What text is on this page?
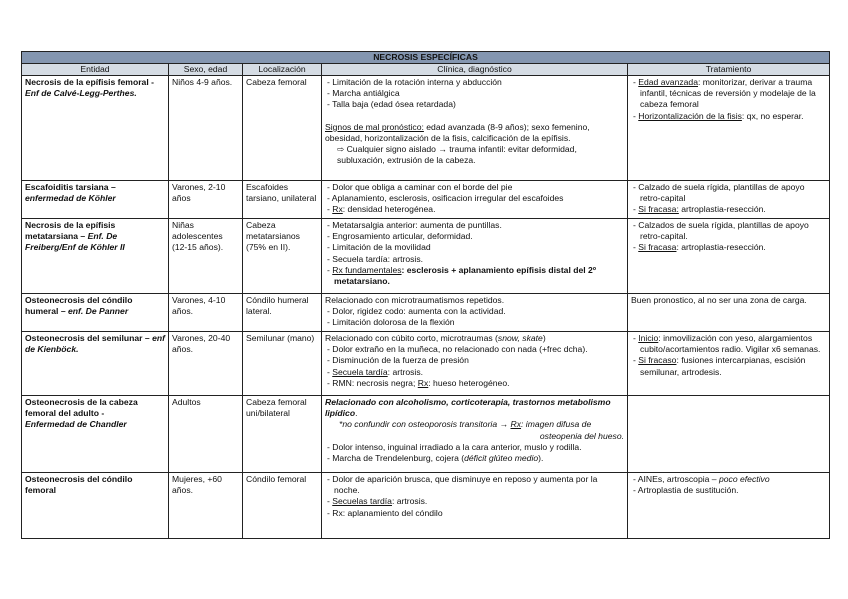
NECROSIS ESPECÍFICAS				
Entidad	Sexo, edad	Localización	Clínica, diagnóstico	Tratamiento
Necrosis de la epífisis femoral -
Enf de Calvé-Legg-Perthes.	Niños 4-9 años.	Cabeza femoral	- Limitación de la rotación interna y abducción
- Marcha antiálgica
- Talla baja (edad ósea retardada)
Signos de mal pronóstico: edad avanzada (8-9 años); sexo femenino, obesidad, horizontalización de la fisis, calcificación de la epífisis.
⇨ Cualquier signo aislado → trauma infantil: evitar deformidad, subluxación, extrusión de la cabeza.	- Edad avanzada: monitorizar, derivar a trauma infantil, técnicas de reversión y modelaje de la cabeza femoral
- Horizontalización de la fisis: qx, no esperar.

Escafoiditis tarsiana –
enfermedad de Köhler	Varones, 2-10 años	Escafoides tarsiano, unilateral	- Dolor que obliga a caminar con el borde del pie
- Aplanamiento, esclerosis, osificacion irregular del escafoides
- Rx: densidad heterogénea.	- Calzado de suela rígida, plantillas de apoyo retro-capital
- Si fracasa: artroplastia-resección.

Necrosis de la epífisis metatarsiana – Enf. De Freiberg/Enf de Köhler II	Niñas adolescentes (12-15 años).	Cabeza metatarsianos (75% en II).	- Metatarsalgia anterior: aumenta de puntillas.
- Engrosamiento articular, deformidad.
- Limitación de la movilidad
- Secuela tardía: artrosis.
- Rx fundamentales: esclerosis + aplanamiento epífisis distal del 2º metatarsiano.	- Calzados de suela rígida, plantillas de apoyo retro-capital.
- Si fracasa: artroplastia-resección.

Osteonecrosis del cóndilo humeral – enf. De Panner	Varones, 4-10 años.	Cóndilo humeral lateral.	Relacionado con microtraumatismos repetidos.
- Dolor, rigidez codo: aumenta con la actividad.
- Limitación dolorosa de la flexión	Buen pronostico, al no ser una zona de carga.
Osteonecrosis del semilunar – enf de Kienböck.	Varones, 20-40 años.	Semilunar (mano)	Relacionado con cúbito corto, microtraumas (snow, skate)
- Dolor extraño en la muñeca, no relacionado con nada (+frec dcha).
- Disminución de la fuerza de presión
- Secuela tardía: artrosis.
- RMN: necrosis negra; Rx: hueso heterogéneo.	- Inicio: inmovilización con yeso, alargamientos cubito/acortamientos radio. Vigilar x6 semanas.
- Si fracaso: fusiones intercarpianas, escisión semilunar, artrodesis.

Osteonecrosis de la cabeza femoral del adulto -
Enfermedad de Chandler	Adultos	Cabeza femoral uni/bilateral	Relacionado con alcoholismo, corticoterapia, trastornos metabolismo lipídico.
*no confundir con osteoporosis transitoria → Rx: imagen difusa de
osteopenia del hueso.
- Dolor intenso, inguinal irradiado a la cara anterior, muslo y rodilla.
- Marcha de Trendelenburg, cojera (déficit glúteo medio).

Osteonecrosis del cóndilo femoral	Mujeres, +60 años.	Cóndilo femoral	- Dolor de aparición brusca, que disminuye en reposo y aumenta por la noche.
- Secuelas tardía: artrosis.
- Rx: aplanamiento del cóndilo	- AINEs, artroscopia – poco efectivo
- Artroplastia de sustitución.
